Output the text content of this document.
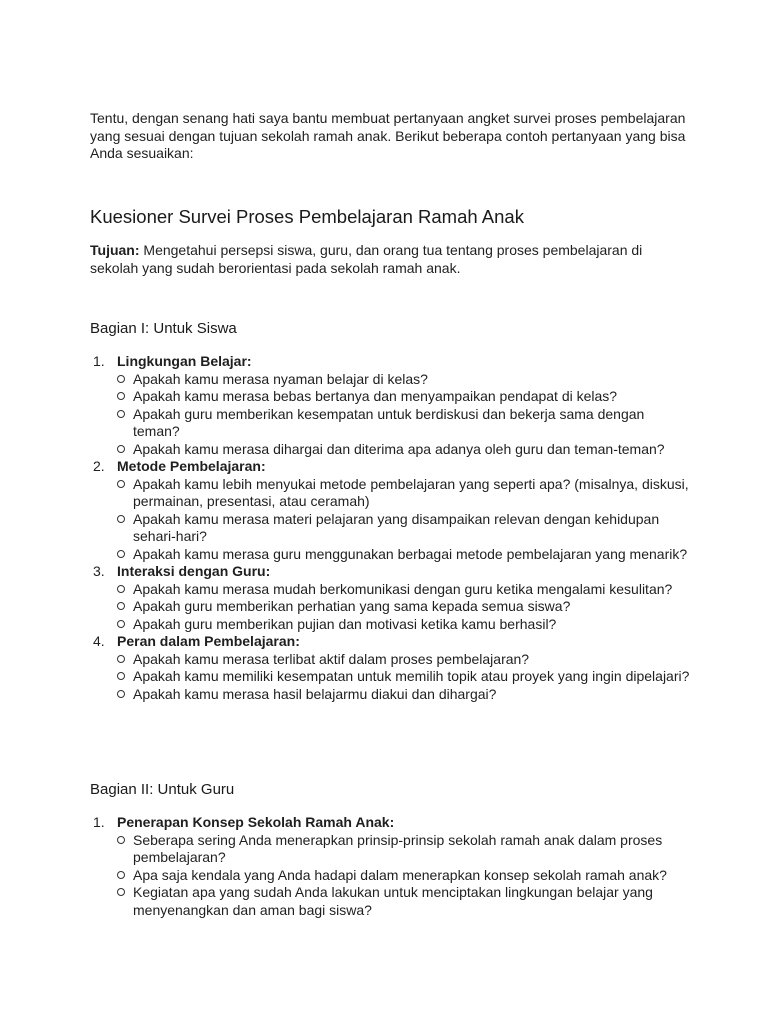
Tentu, dengan senang hati saya bantu membuat pertanyaan angket survei proses pembelajaran yang sesuai dengan tujuan sekolah ramah anak. Berikut beberapa contoh pertanyaan yang bisa Anda sesuaikan:

Kuesioner Survei Proses Pembelajaran Ramah Anak

Tujuan: Mengetahui persepsi siswa, guru, dan orang tua tentang proses pembelajaran di sekolah yang sudah berorientasi pada sekolah ramah anak.

Bagian I: Untuk Siswa
1. Lingkungan Belajar:
Apakah kamu merasa nyaman belajar di kelas?
Apakah kamu merasa bebas bertanya dan menyampaikan pendapat di kelas?
Apakah guru memberikan kesempatan untuk berdiskusi dan bekerja sama dengan teman?
Apakah kamu merasa dihargai dan diterima apa adanya oleh guru dan teman-teman?
2. Metode Pembelajaran:
Apakah kamu lebih menyukai metode pembelajaran yang seperti apa? (misalnya, diskusi, permainan, presentasi, atau ceramah)
Apakah kamu merasa materi pelajaran yang disampaikan relevan dengan kehidupan sehari-hari?
Apakah kamu merasa guru menggunakan berbagai metode pembelajaran yang menarik?
3. Interaksi dengan Guru:
Apakah kamu merasa mudah berkomunikasi dengan guru ketika mengalami kesulitan?
Apakah guru memberikan perhatian yang sama kepada semua siswa?
Apakah guru memberikan pujian dan motivasi ketika kamu berhasil?
4. Peran dalam Pembelajaran:
Apakah kamu merasa terlibat aktif dalam proses pembelajaran?
Apakah kamu memiliki kesempatan untuk memilih topik atau proyek yang ingin dipelajari?
Apakah kamu merasa hasil belajarmu diakui dan dihargai?
Bagian II: Untuk Guru
1. Penerapan Konsep Sekolah Ramah Anak:
Seberapa sering Anda menerapkan prinsip-prinsip sekolah ramah anak dalam proses pembelajaran?
Apa saja kendala yang Anda hadapi dalam menerapkan konsep sekolah ramah anak?
Kegiatan apa yang sudah Anda lakukan untuk menciptakan lingkungan belajar yang menyenangkan dan aman bagi siswa?
